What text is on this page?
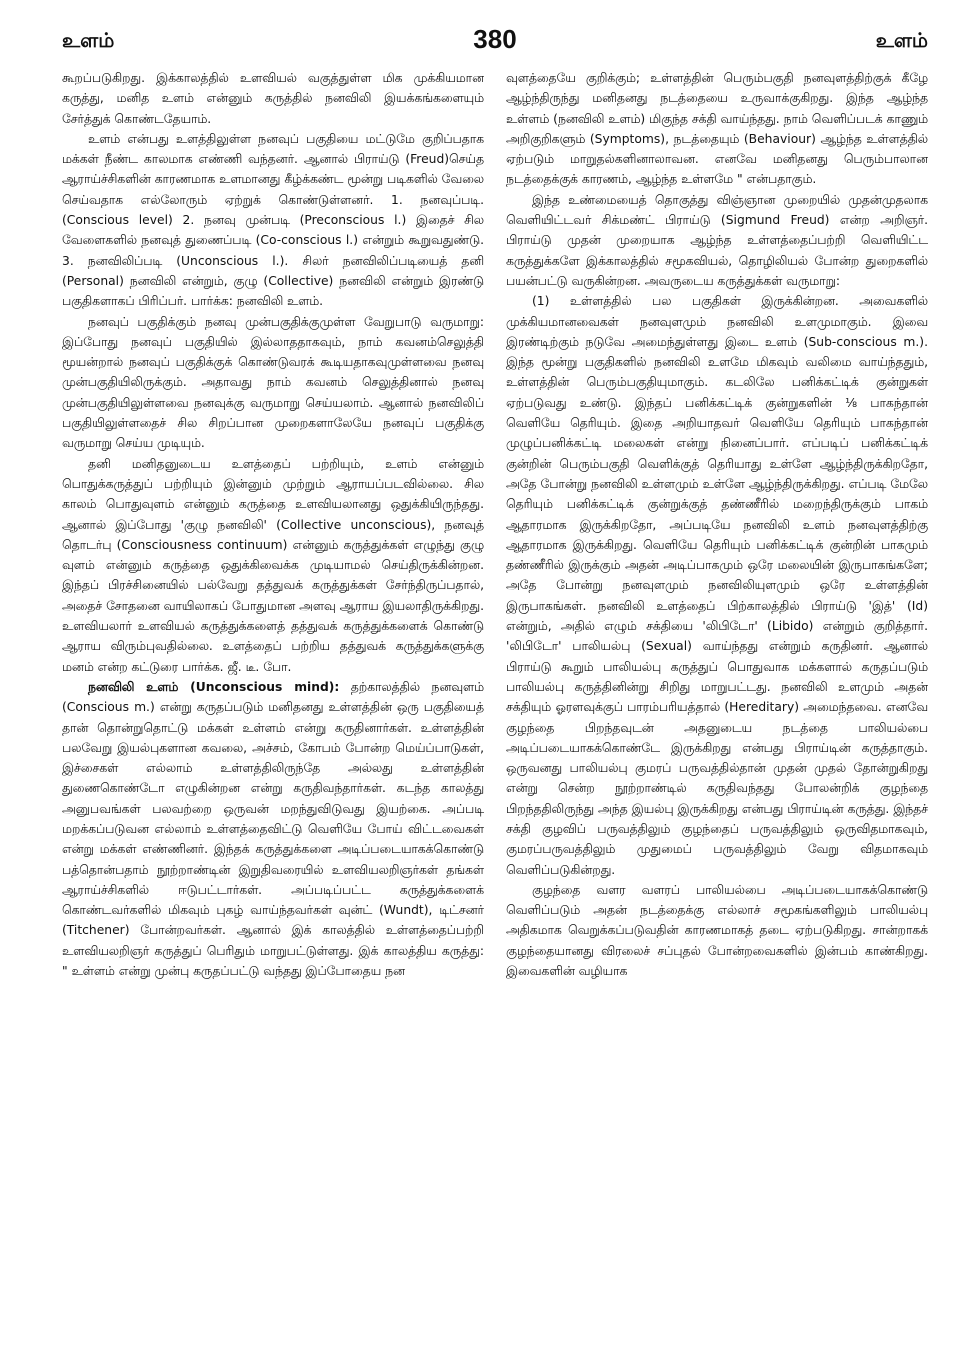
உளம்	380	உளம்

கூறப்படுகிறது. இக்காலத்தில் உளவியல் வகுத்துள்ள மிக முக்கியமான கருத்து, மனித உளம் என்னும் கருத்தில் நனவிலி இயக்கங்களையும் சேர்த்துக் கொண்டதேயாம்.

உளம் என்பது உளத்திலுள்ள நனவுப் பகுதியை மட்டுமே குறிப்பதாக மக்கள் நீண்ட காலமாக எண்ணி வந்தனர். ஆனால் பிராய்டு (Freud)செய்த ஆராய்ச்சிகளின் காரணமாக உளமானது கீழ்க்கண்ட மூன்று படிகளில் வேலை செய்வதாக எல்லோரும் ஏற்றுக் கொண்டுள்ளனர். 1. நனவுப்படி. (Conscious level) 2. நனவு முன்படி (Preconscious l.) இதைச் சில வேளைகளில் நனவுத் துணைப்படி (Co-conscious l.) என்றும் கூறுவதுண்டு. 3. நனவிலிப்படி (Unconscious l.). சிலர் நனவிலிப்படியைத் தனி (Personal) நனவிலி என்றும், குழு (Collective) நனவிலி என்றும் இரண்டு பகுதிகளாகப் பிரிப்பர். பார்க்க: நனவிலி உளம்.

நனவுப் பகுதிக்கும் நனவு முன்பகுதிக்குமுள்ள வேறுபாடு வருமாறு: இப்போது நனவுப் பகுதியில் இல்லாததாகவும், நாம் கவனம்செலுத்தி மூயன்றால் நனவுப் பகுதிக்குக் கொண்டுவரக் கூடியதாகவுமுள்ளவை நனவு முன்பகுதியிலிருக்கும். அதாவது நாம் கவனம் செலுத்தினால் நனவு முன்பகுதியிலுள்ளவை நனவுக்கு வருமாறு செய்யலாம். ஆனால் நனவிலிப் பகுதியிலுள்ளதைச் சில சிறப்பான முறைகளாலேயே நனவுப் பகுதிக்கு வருமாறு செய்ய முடியும்.

தனி மனிதனுடைய உளத்தைப் பற்றியும், உளம் என்னும் பொதுக்கருத்துப் பற்றியும் இன்னும் முற்றும் ஆராயப்படவில்லை. சில காலம் பொதுவுளம் என்னும் கருத்தை உளவியலானது ஒதுக்கியிருந்தது. ஆனால் இப்போது 'குழு நனவிலி' (Collective unconscious), நனவுத் தொடர்பு (Consciousness continuum) என்னும் கருத்துக்கள் எழுந்து குழு வுளம் என்னும் கருத்தை ஒதுக்கிவைக்க முடியாமல் செய்திருக்கின்றன. இந்தப் பிரச்சினையில் பல்வேறு தத்துவக் கருத்துக்கள் சேர்ந்திருப்பதால், அதைச் சோதனை வாயிலாகப் போதுமான அளவு ஆராய இயலாதிருக்கிறது. உளவியலார் உளவியல் கருத்துக்களைத் தத்துவக் கருத்துக்களைக் கொண்டு ஆராய விரும்புவதில்லை. உளத்தைப் பற்றிய தத்துவக் கருத்துக்களுக்கு மனம் என்ற கட்டுரை பார்க்க. ஜீ. டீ. போ.

நனவிலி உளம் (Unconscious mind): தற்காலத்தில் நனவுளம் (Conscious m.) என்று கருதப்படும் மனிதனது உள்ளத்தின் ஒரு பகுதியைத் தான் தொன்றுதொட்டு மக்கள் உள்ளம் என்று கருதினார்கள். உள்ளத்தின் பலவேறு இயல்புகளான கவலை, அச்சம், கோபம் போன்ற மெய்ப்பாடுகள், இச்சைகள் எல்லாம் உள்ளத்திலிருந்தே அல்லது உள்ளத்தின் துணைகொண்டோ எழுகின்றன என்று கருதிவந்தார்கள். கடந்த காலத்து அனுபவங்கள் பலவற்றை ஒருவன் மறந்துவிடுவது இயற்கை. அப்படி மறக்கப்படுவன எல்லாம் உள்ளத்தைவிட்டு வெளியே போய் விட்டவைகள் என்று மக்கள் எண்ணினர். இந்தக் கருத்துக்களை அடிப்படையாகக்கொண்டு பத்தொன்பதாம் நூற்றாண்டின் இறுதிவரையில் உளவியலறிஞர்கள் தங்கள் ஆராய்ச்சிகளில் ஈடுபட்டார்கள். அப்படிப்பட்ட கருத்துக்களைக் கொண்டவர்களில் மிகவும் புகழ் வாய்ந்தவர்கள் வுன்ட் (Wundt), டிட்சனர் (Titchener) போன்றவர்கள். ஆனால் இக் காலத்தில் உள்ளத்தைப்பற்றி உளவியலறிஞர் கருத்துப் பெரிதும் மாறுபட்டுள்ளது. இக் காலத்திய கருத்து: " உள்ளம் என்று முன்பு கருதப்பட்டு வந்தது இப்போதைய நன

வுளத்தையே குறிக்கும்; உள்ளத்தின் பெரும்பகுதி நனவுளத்திற்குக் கீழே ஆழ்ந்திருந்து மனிதனது நடத்தையை உருவாக்குகிறது. இந்த ஆழ்ந்த உள்ளம் (நனவிலி உளம்) மிகுந்த சக்தி வாய்ந்தது. நாம் வெளிப்படக் காணும் அறிகுறிகளும் (Symptoms), நடத்தையும் (Behaviour) ஆழ்ந்த உள்ளத்தில் ஏற்படும் மாறுதல்களினாலாவன. எனவே மனிதனது பெரும்பாலான நடத்தைக்குக் காரணம், ஆழ்ந்த உள்ளமே " என்பதாகும்.

இந்த உண்மையைத் தொகுத்து விஞ்ஞான முறையில் முதன்முதலாக வெளியிட்டவர் சிக்மண்ட் பிராய்டு (Sigmund Freud) என்ற அறிஞர். பிராய்டு முதன் முறையாக ஆழ்ந்த உள்ளத்தைப்பற்றி வெளியிட்ட கருத்துக்களே இக்காலத்தில் சமூகவியல், தொழிலியல் போன்ற துறைகளில் பயன்பட்டு வருகின்றன. அவருடைய கருத்துக்கள் வருமாறு:

(1) உள்ளத்தில் பல பகுதிகள் இருக்கின்றன. அவைகளில் முக்கியமானவைகள் நனவுளமும் நனவிலி உளமுமாகும். இவை இரண்டிற்கும் நடுவே அமைந்துள்ளது இடை உளம் (Sub-conscious m.). இந்த மூன்று பகுதிகளில் நனவிலி உளமே மிகவும் வலிமை வாய்ந்ததும், உள்ளத்தின் பெரும்பகுதியுமாகும். கடலிலே பனிக்கட்டிக் குன்றுகள் ஏற்படுவது உண்டு. இந்தப் பனிக்கட்டிக் குன்றுகளின் ⅛ பாகந்தான் வெளியே தெரியும். இதை அறியாதவர் வெளியே தெரியும் பாகந்தான் முழுப்பனிக்கட்டி மலைகள் என்று நினைப்பார். எப்படிப் பனிக்கட்டிக் குன்றின் பெரும்பகுதி வெளிக்குத் தெரியாது உள்ளே ஆழ்ந்திருக்கிறதோ, அதே போன்று நனவிலி உள்ளமும் உள்ளே ஆழ்ந்திருக்கிறது. எப்படி மேலே தெரியும் பனிக்கட்டிக் குன்றுக்குத் தண்ணீரில் மறைந்திருக்கும் பாகம் ஆதாரமாக இருக்கிறதோ, அப்படியே நனவிலி உளம் நனவுளத்திற்கு ஆதாரமாக இருக்கிறது. வெளியே தெரியும் பனிக்கட்டிக் குன்றின் பாகமும் தண்ணீரில் இருக்கும் அதன் அடிப்பாகமும் ஒரே மலையின் இருபாகங்களே; அதே போன்று நனவுளமும் நனவிலியுளமும் ஒரே உள்ளத்தின் இருபாகங்கள். நனவிலி உளத்தைப் பிற்காலத்தில் பிராய்டு 'இத்' (Id) என்றும், அதில் எழும் சக்தியை 'லிபிடோ' (Libido) என்றும் குறித்தார். 'லிபிடோ' பாலியல்பு (Sexual) வாய்ந்தது என்றும் கருதினர். ஆனால் பிராய்டு கூறும் பாலியல்பு கருத்துப் பொதுவாக மக்களால் கருதப்படும் பாலியல்பு கருத்தினின்று சிறிது மாறுபட்டது. நனவிலி உளமும் அதன் சக்தியும் ஓரளவுக்குப் பாரம்பரியத்தால் (Hereditary) அமைந்தவை. எனவே குழந்தை பிறந்தவுடன் அதனுடைய நடத்தை பாலியல்பை அடிப்படையாகக்கொண்டே இருக்கிறது என்பது பிராய்டின் கருத்தாகும். ஒருவனது பாலியல்பு குமரப் பருவத்தில்தான் முதன் முதல் தோன்றுகிறது என்று சென்ற நூற்றாண்டில் கருதிவந்தது போலன்றிக் குழந்தை பிறந்ததிலிருந்து அந்த இயல்பு இருக்கிறது என்பது பிராய்டின் கருத்து. இந்தச் சக்தி குழவிப் பருவத்திலும் குழந்தைப் பருவத்திலும் ஒருவிதமாகவும், குமரப்பருவத்திலும் முதுமைப் பருவத்திலும் வேறு விதமாகவும் வெளிப்படுகின்றது.

குழந்தை வளர வளரப் பாலியல்பை அடிப்படையாகக்கொண்டு வெளிப்படும் அதன் நடத்தைக்கு எல்லாச் சமூகங்களிலும் பாலியல்பு அதிகமாக வெறுக்கப்படுவதின் காரணமாகத் தடை ஏற்படுகிறது. சான்றாகக் குழந்தையானது விரலைச் சப்புதல் போன்றவைகளில் இன்பம் காண்கிறது. இவைகளின் வழியாக
